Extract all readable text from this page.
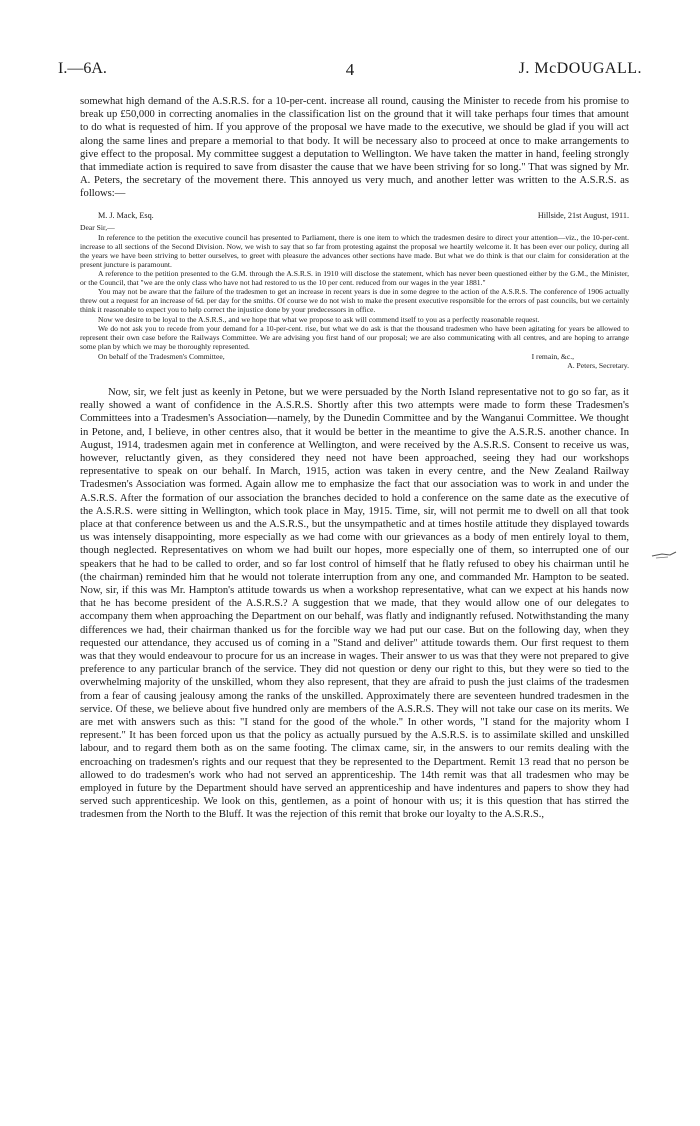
I.—6A.	4	J. McDOUGALL.

somewhat high demand of the A.S.R.S. for a 10-per-cent. increase all round, causing the Minister to recede from his promise to break up £50,000 in correcting anomalies in the classification list on the ground that it will take perhaps four times that amount to do what is requested of him. If you approve of the proposal we have made to the executive, we should be glad if you will act along the same lines and prepare a memorial to that body. It will be necessary also to proceed at once to make arrangements to give effect to the proposal. My committee suggest a deputation to Wellington. We have taken the matter in hand, feeling strongly that immediate action is required to save from disaster the cause that we have been striving for so long." That was signed by Mr. A. Peters, the secretary of the movement there. This annoyed us very much, and another letter was written to the A.S.R.S. as follows:—

M. J. Mack, Esq.	Hillside, 21st August, 1911.
Dear Sir,—

In reference to the petition the executive council has presented to Parliament, there is one item to which the tradesmen desire to direct your attention—viz., the 10-per-cent. increase to all sections of the Second Division. Now, we wish to say that so far from protesting against the proposal we heartily welcome it. It has been ever our policy, during all the years we have been striving to better ourselves, to greet with pleasure the advances other sections have made. But what we do think is that our claim for consideration at the present juncture is paramount.

A reference to the petition presented to the G.M. through the A.S.R.S. in 1910 will disclose the statement, which has never been questioned either by the G.M., the Minister, or the Council, that "we are the only class who have not had restored to us the 10 per cent. reduced from our wages in the year 1881."

You may not be aware that the failure of the tradesmen to get an increase in recent years is due in some degree to the action of the A.S.R.S. The conference of 1906 actually threw out a request for an increase of 6d. per day for the smiths. Of course we do not wish to make the present executive responsible for the errors of past councils, but we certainly think it reasonable to expect you to help correct the injustice done by your predecessors in office.

Now we desire to be loyal to the A.S.R.S., and we hope that what we propose to ask will commend itself to you as a perfectly reasonable request.

We do not ask you to recede from your demand for a 10-per-cent. rise, but what we do ask is that the thousand tradesmen who have been agitating for years be allowed to represent their own case before the Railways Committee. We are advising you first hand of our proposal; we are also communicating with all centres, and are hoping to arrange some plan by which we may be thoroughly represented.

On behalf of the Tradesmen's Committee,	I remain, &c.,
A. Peters, Secretary.

Now, sir, we felt just as keenly in Petone, but we were persuaded by the North Island representative not to go so far, as it really showed a want of confidence in the A.S.R.S. Shortly after this two attempts were made to form these Tradesmen's Committees into a Tradesmen's Association—namely, by the Dunedin Committee and by the Wanganui Committee. We thought in Petone, and, I believe, in other centres also, that it would be better in the meantime to give the A.S.R.S. another chance. In August, 1914, tradesmen again met in conference at Wellington, and were received by the A.S.R.S. Consent to receive us was, however, reluctantly given, as they considered they need not have been approached, seeing they had our workshops representative to speak on our behalf. In March, 1915, action was taken in every centre, and the New Zealand Railway Tradesmen's Association was formed. Again allow me to emphasize the fact that our association was to work in and under the A.S.R.S. After the formation of our association the branches decided to hold a conference on the same date as the executive of the A.S.R.S. were sitting in Wellington, which took place in May, 1915. Time, sir, will not permit me to dwell on all that took place at that conference between us and the A.S.R.S., but the unsympathetic and at times hostile attitude they displayed towards us was intensely disappointing, more especially as we had come with our grievances as a body of men entirely loyal to them, though neglected. Representatives on whom we had built our hopes, more especially one of them, so interrupted one of our speakers that he had to be called to order, and so far lost control of himself that he flatly refused to obey his chairman until he (the chairman) reminded him that he would not tolerate interruption from any one, and commanded Mr. Hampton to be seated. Now, sir, if this was Mr. Hampton's attitude towards us when a workshop representative, what can we expect at his hands now that he has become president of the A.S.R.S.? A suggestion that we made, that they would allow one of our delegates to accompany them when approaching the Department on our behalf, was flatly and indignantly refused. Notwithstanding the many differences we had, their chairman thanked us for the forcible way we had put our case. But on the following day, when they requested our attendance, they accused us of coming in a "Stand and deliver" attitude towards them. Our first request to them was that they would endeavour to procure for us an increase in wages. Their answer to us was that they were not prepared to give preference to any particular branch of the service. They did not question or deny our right to this, but they were so tied to the overwhelming majority of the unskilled, whom they also represent, that they are afraid to push the just claims of the tradesmen from a fear of causing jealousy among the ranks of the unskilled. Approximately there are seventeen hundred tradesmen in the service. Of these, we believe about five hundred only are members of the A.S.R.S. They will not take our case on its merits. We are met with answers such as this: "I stand for the good of the whole." In other words, "I stand for the majority whom I represent." It has been forced upon us that the policy as actually pursued by the A.S.R.S. is to assimilate skilled and unskilled labour, and to regard them both as on the same footing. The climax came, sir, in the answers to our remits dealing with the encroaching on tradesmen's rights and our request that they be represented to the Department. Remit 13 read that no person be allowed to do tradesmen's work who had not served an apprenticeship. The 14th remit was that all tradesmen who may be employed in future by the Department should have served an apprenticeship and have indentures and papers to show they had served such apprenticeship. We look on this, gentlemen, as a point of honour with us; it is this question that has stirred the tradesmen from the North to the Bluff. It was the rejection of this remit that broke our loyalty to the A.S.R.S.,
